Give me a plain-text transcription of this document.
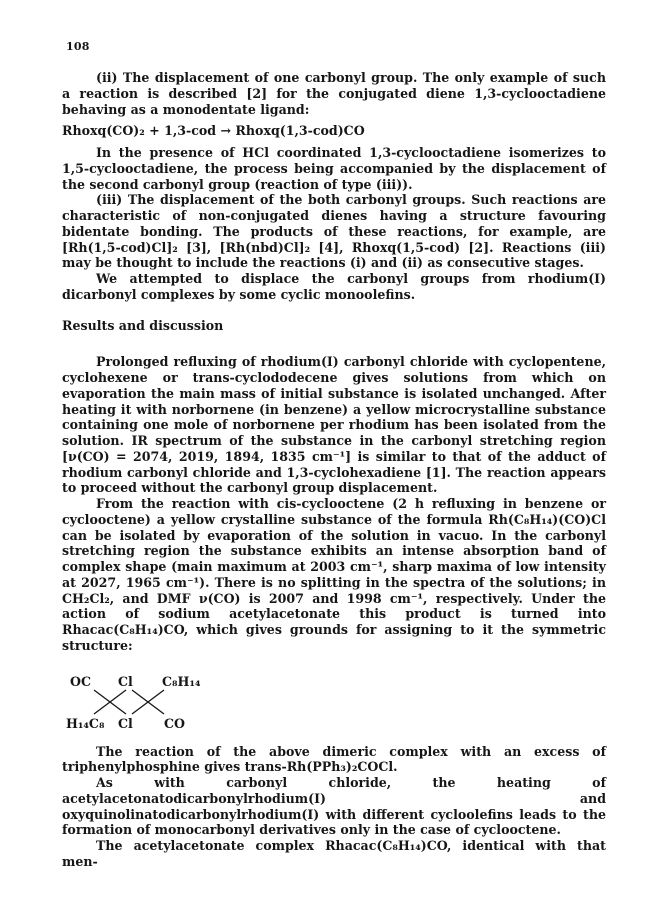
108

(ii) The displacement of one carbonyl group. The only example of such a reaction is described [2] for the conjugated diene 1,3-cyclooctadiene behaving as a monodentate ligand:

Rhoxq(CO)₂ + 1,3-cod → Rhoxq(1,3-cod)CO

In the presence of HCl coordinated 1,3-cyclooctadiene isomerizes to 1,5-cyclooctadiene, the process being accompanied by the displacement of the second carbonyl group (reaction of type (iii)).

(iii) The displacement of the both carbonyl groups. Such reactions are characteristic of non-conjugated dienes having a structure favouring bidentate bonding. The products of these reactions, for example, are [Rh(1,5-cod)Cl]₂ [3], [Rh(nbd)Cl]₂ [4], Rhoxq(1,5-cod) [2]. Reactions (iii) may be thought to include the reactions (i) and (ii) as consecutive stages.

We attempted to displace the carbonyl groups from rhodium(I) dicarbonyl complexes by some cyclic monoolefins.

Results and discussion

Prolonged refluxing of rhodium(I) carbonyl chloride with cyclopentene, cyclohexene or trans-cyclododecene gives solutions from which on evaporation the main mass of initial substance is isolated unchanged. After heating it with norbornene (in benzene) a yellow microcrystalline substance containing one mole of norbornene per rhodium has been isolated from the solution. IR spectrum of the substance in the carbonyl stretching region [ν(CO) = 2074, 2019, 1894, 1835 cm⁻¹] is similar to that of the adduct of rhodium carbonyl chloride and 1,3-cyclohexadiene [1]. The reaction appears to proceed without the carbonyl group displacement.

From the reaction with cis-cyclooctene (2 h refluxing in benzene or cyclooctene) a yellow crystalline substance of the formula Rh(C₈H₁₄)(CO)Cl can be isolated by evaporation of the solution in vacuo. In the carbonyl stretching region the substance exhibits an intense absorption band of complex shape (main maximum at 2003 cm⁻¹, sharp maxima of low intensity at 2027, 1965 cm⁻¹). There is no splitting in the spectra of the solutions; in CH₂Cl₂, and DMF ν(CO) is 2007 and 1998 cm⁻¹, respectively. Under the action of sodium acetylacetonate this product is turned into Rhacac(C₈H₁₄)CO, which gives grounds for assigning to it the symmetric structure:

OC Cl C₈H₁₄
H₁₄C₈ Cl CO

The reaction of the above dimeric complex with an excess of triphenylphosphine gives trans-Rh(PPh₃)₂COCl.

As with carbonyl chloride, the heating of acetylacetonatodicarbonylrhodium(I) and oxyquinolinatodicarbonylrhodium(I) with different cycloolefins leads to the formation of monocarbonyl derivatives only in the case of cyclooctene.

The acetylacetonate complex Rhacac(C₈H₁₄)CO, identical with that men-
